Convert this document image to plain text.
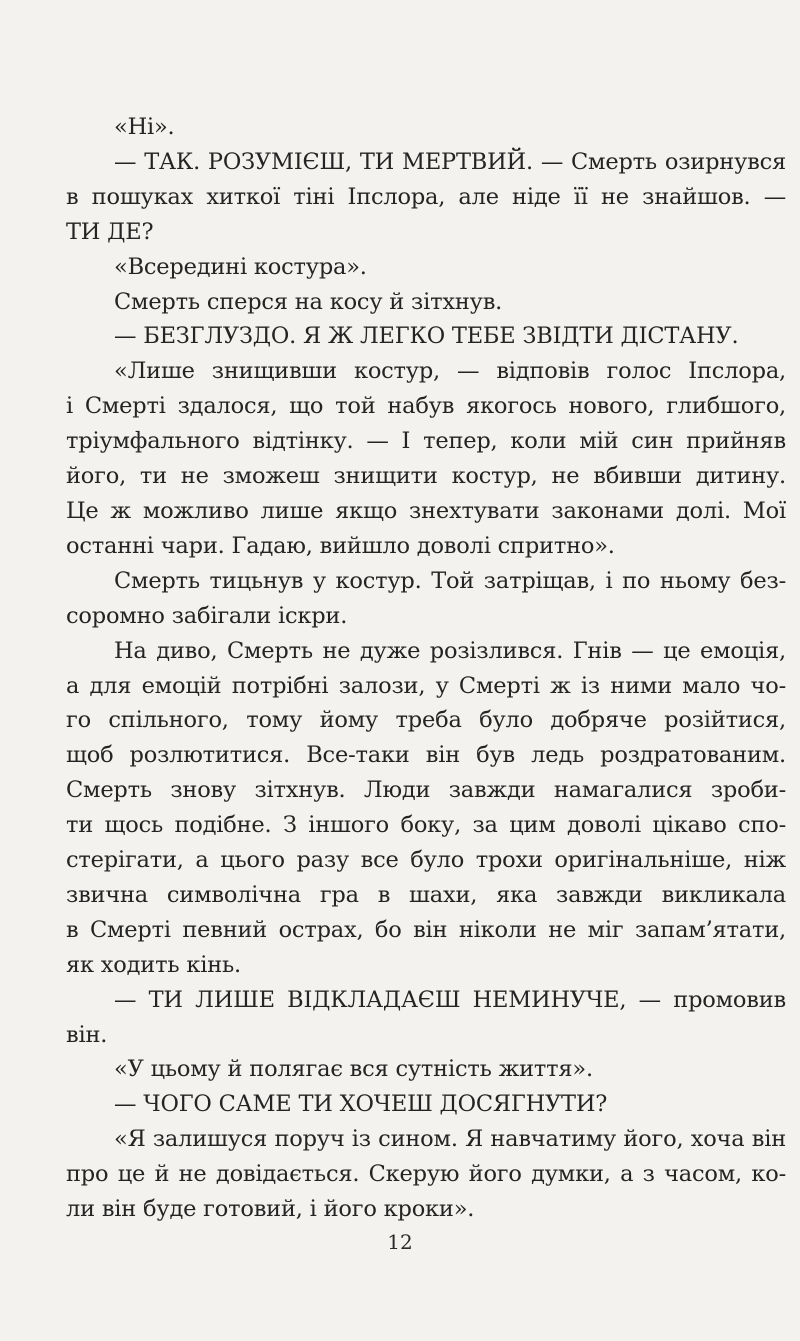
«Ні».

— ТАК. РОЗУМІЄШ, ТИ МЕРТВИЙ. — Смерть озирнувся
в пошуках хиткої тіні Іпслора, але ніде її не знайшов. —
ТИ ДЕ?

«Всередині костура».

Смерть сперся на косу й зітхнув.

— БЕЗГЛУЗДО. Я Ж ЛЕГКО ТЕБЕ ЗВІДТИ ДІСТАНУ.

«Лише знищивши костур, — відповів голос Іпслора,
і Смерті здалося, що той набув якогось нового, глибшого,
тріумфального відтінку. — І тепер, коли мій син прийняв
його, ти не зможеш знищити костур, не вбивши дитину.
Це ж можливо лише якщо знехтувати законами долі. Мої
останні чари. Гадаю, вийшло доволі спритно».

Смерть тицьнув у костур. Той затріщав, і по ньому без-
соромно забігали іскри.

На диво, Смерть не дуже розізлився. Гнів — це емоція,
а для емоцій потрібні залози, у Смерті ж із ними мало чо-
го спільного, тому йому треба було добряче розійтися,
щоб розлютитися. Все-таки він був ледь роздратованим.
Смерть знову зітхнув. Люди завжди намагалися зроби-
ти щось подібне. З іншого боку, за цим доволі цікаво спо-
стерігати, а цього разу все було трохи оригінальніше, ніж
звична символічна гра в шахи, яка завжди викликала
в Смерті певний острах, бо він ніколи не міг запам’ятати,
як ходить кінь.

— ТИ ЛИШЕ ВІДКЛАДАЄШ НЕМИНУЧЕ, — промовив він.

«У цьому й полягає вся сутність життя».

— ЧОГО САМЕ ТИ ХОЧЕШ ДОСЯГНУТИ?

«Я залишуся поруч із сином. Я навчатиму його, хоча він
про це й не довідається. Скерую його думки, а з часом, ко-
ли він буде готовий, і його кроки».

12
